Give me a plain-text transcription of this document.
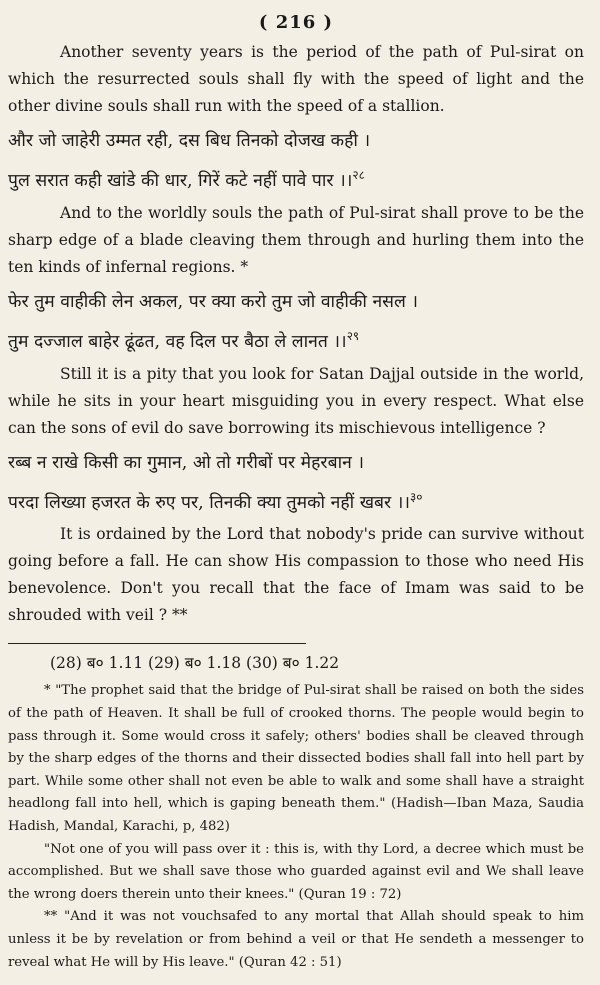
( 216 )

Another seventy years is the period of the path of Pul-sirat on which the resurrected souls shall fly with the speed of light and the other divine souls shall run with the speed of a stallion.

और जो जाहेरी उम्मत रही, दस बिध तिनको दोजख कही ।
पुल सरात कही खांडे की धार, गिरें कटे नहीं पावे पार ।।$^{२८}$

And to the worldly souls the path of Pul-sirat shall prove to be the sharp edge of a blade cleaving them through and hurling them into the ten kinds of infernal regions. *

फेर तुम वाहीकी लेन अकल, पर क्या करो तुम जो वाहीकी नसल ।
तुम दज्जाल बाहेर ढूंढत, वह दिल पर बैठा ले लानत ।।$^{२९}$

Still it is a pity that you look for Satan Dajjal outside in the world, while he sits in your heart misguiding you in every respect. What else can the sons of evil do save borrowing its mischievous intelligence ?

रब्ब न राखे किसी का गुमान, ओ तो गरीबों पर मेहरबान ।
परदा लिख्या हजरत के रुए पर, तिनकी क्या तुमको नहीं खबर ।।$^{३०}$

It is ordained by the Lord that nobody's pride can survive without going before a fall. He can show His compassion to those who need His benevolence. Don't you recall that the face of Imam was said to be shrouded with veil ? **

(28) ब० 1.11 (29) ब० 1.18 (30) ब० 1.22

* "The prophet said that the bridge of Pul-sirat shall be raised on both the sides of the path of Heaven. It shall be full of crooked thorns. The people would begin to pass through it. Some would cross it safely; others' bodies shall be cleaved through by the sharp edges of the thorns and their dissected bodies shall fall into hell part by part. While some other shall not even be able to walk and some shall have a straight headlong fall into hell, which is gaping beneath them." (Hadish—Iban Maza, Saudia Hadish, Mandal, Karachi, p, 482)

"Not one of you will pass over it : this is, with thy Lord, a decree which must be accomplished. But we shall save those who guarded against evil and We shall leave the wrong doers therein unto their knees." (Quran 19 : 72)

** "And it was not vouchsafed to any mortal that Allah should speak to him unless it be by revelation or from behind a veil or that He sendeth a messenger to reveal what He will by His leave." (Quran 42 : 51)
